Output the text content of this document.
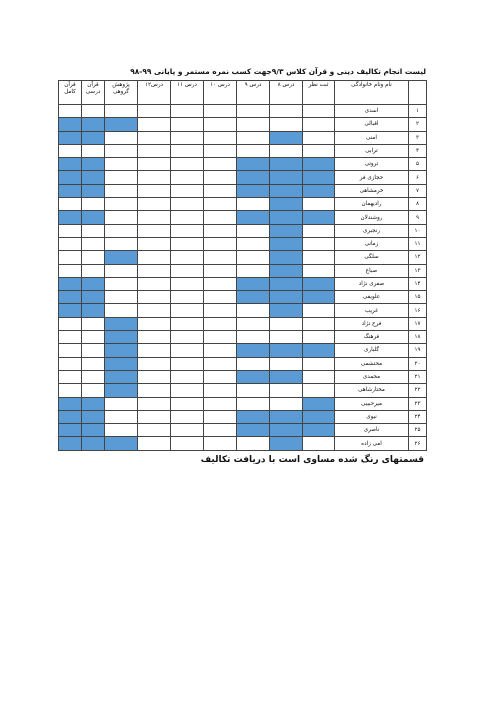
لیست انجام تکالیف دینی و قرآن کلاس ۹/۳جهت کسب نمره مستمر و پایانی ۹۹-۹۸
	نام ونام خانوادگی	ثبت نظر	درس ۸	درس ۹	درس ۱۰	درس ۱۱	درس۱۲	پژوهش گروهی	قرآن درسی	قرآن کامل
۱	اسدی									
۲	اقبالی									
۳	امنی									
۴	ترابی									
۵	تروتی									
۶	حجازی فر									
۷	خرمشاهی									
۸	رادیهمان									
۹	روشندلان									
۱۰	رنجبری									
۱۱	زمانی									
۱۲	سلگی									
۱۳	صباغ									
۱۴	صفری نژاد									
۱۵	علویفی									
۱۶	غریب									
۱۷	فرح نژاد									
۱۸	فرهنگ									
۱۹	گلباری									
۲۰	محتشمی									
۲۱	محمدی									
۲۲	مختارشاهی									
۲۳	میرحبیبی									
۲۴	نیوی									
۲۵	ناصری									
۲۶	امی زاده									
قسمتهای رنگ شده مساوی است با دریافت تکالیف
